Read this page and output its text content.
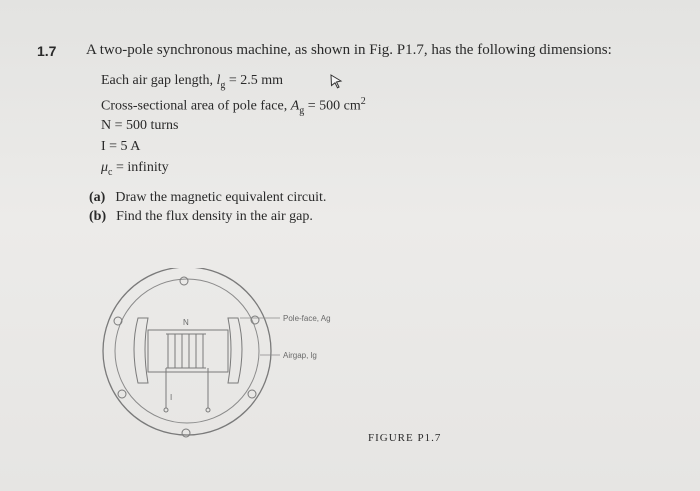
1.7 A two-pole synchronous machine, as shown in Fig. P1.7, has the following dimensions:
Each air gap length, $l_g = 2.5$ mm
Cross-sectional area of pole face, $A_g = 500$ $cm^2$
N = 500 turns
I = 5 A
$\mu_c$ = infinity
(a) Draw the magnetic equivalent circuit.
(b) Find the flux density in the air gap.
N
I
Pole-face, Ag
Airgap, lg
FIGURE P1.7
